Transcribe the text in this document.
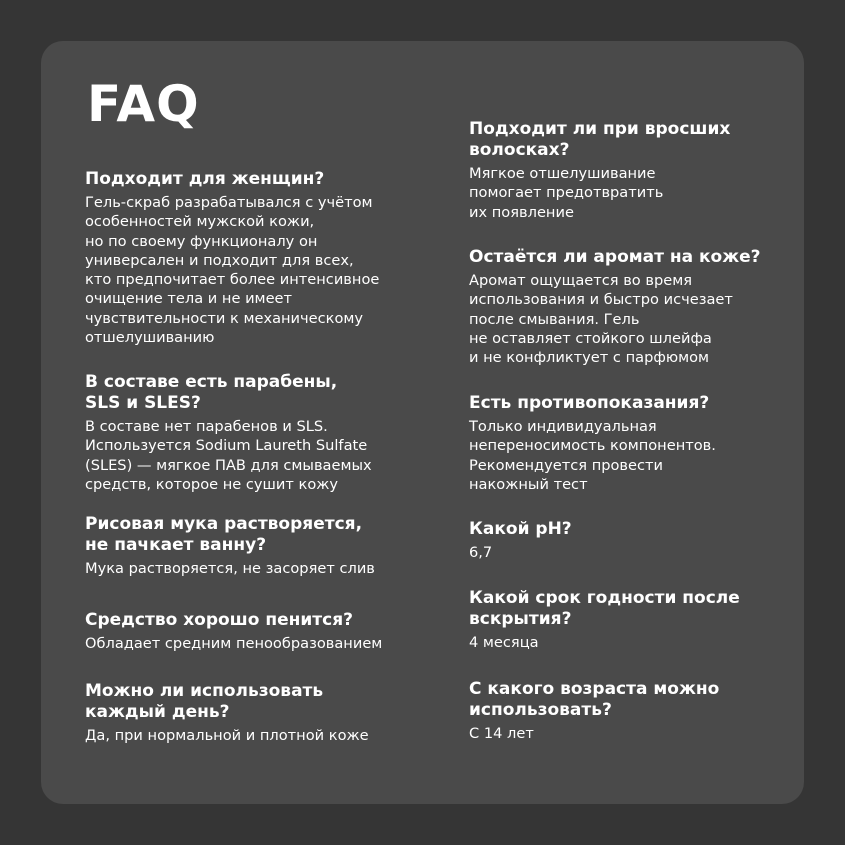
FAQ
Подходит для женщин?
Гель-скраб разрабатывался с учётом
особенностей мужской кожи,
но по своему функционалу он
универсален и подходит для всех,
кто предпочитает более интенсивное
очищение тела и не имеет
чувствительности к механическому
отшелушиванию
В составе есть парабены,
SLS и SLES?
В составе нет парабенов и SLS.
Используется Sodium Laureth Sulfate
(SLES) — мягкое ПАВ для смываемых
средств, которое не сушит кожу
Рисовая мука растворяется,
не пачкает ванну?
Мука растворяется, не засоряет слив
Средство хорошо пенится?
Обладает средним пенообразованием
Можно ли использовать
каждый день?
Да, при нормальной и плотной коже
Подходит ли при вросших
волосках?
Мягкое отшелушивание
помогает предотвратить
их появление
Остаётся ли аромат на коже?
Аромат ощущается во время
использования и быстро исчезает
после смывания. Гель
не оставляет стойкого шлейфа
и не конфликтует с парфюмом
Есть противопоказания?
Только индивидуальная
непереносимость компонентов.
Рекомендуется провести
накожный тест
Какой pH?
6,7
Какой срок годности после
вскрытия?
4 месяца
С какого возраста можно
использовать?
С 14 лет
